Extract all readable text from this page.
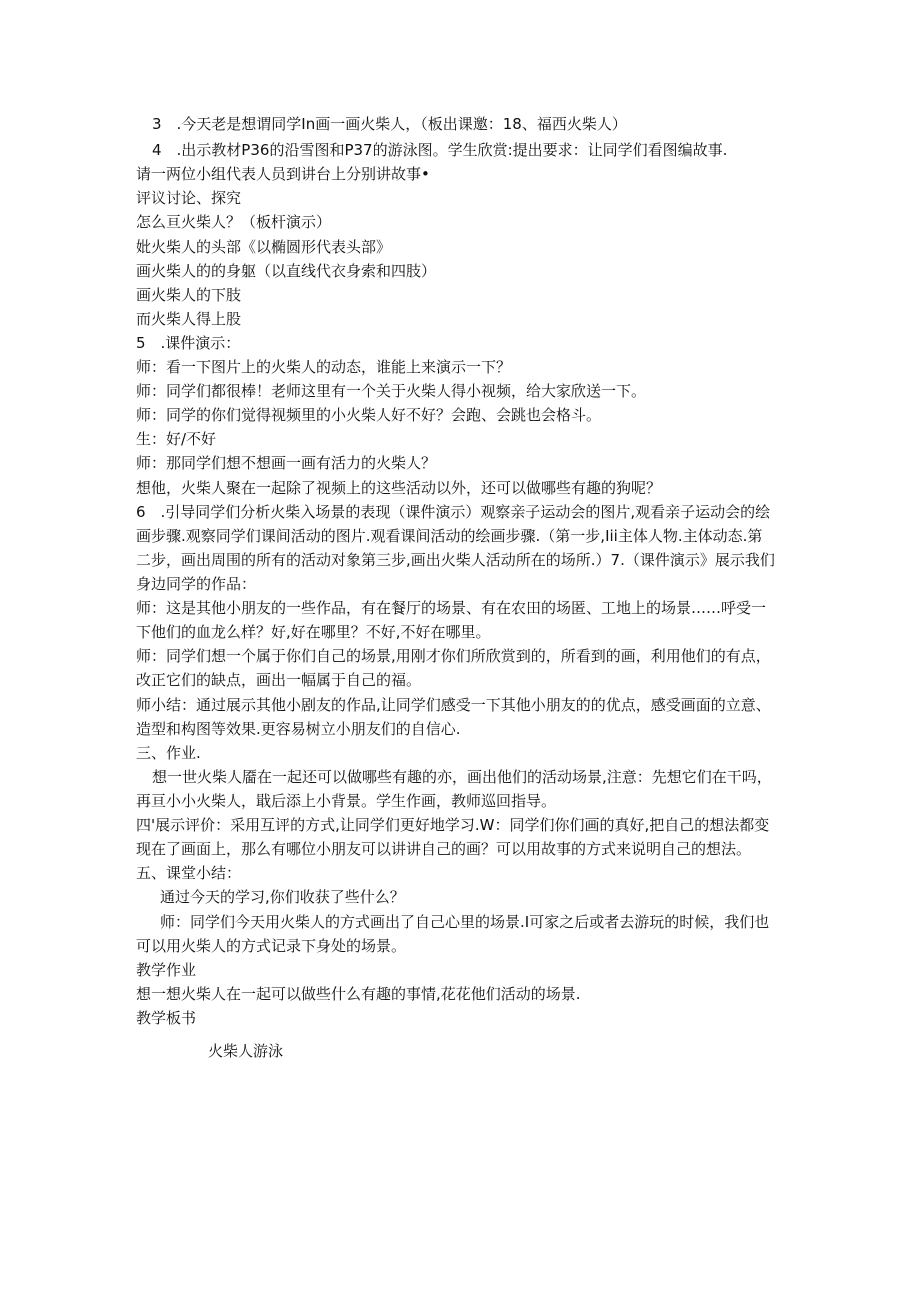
3　.今天老是想谓同学In画一画火柴人，（板出课邀：18、福西火柴人）
4　.出示教材P36的沿雪图和P37的游泳图。学生欣赏:提出要求：让同学们看图编故事.
请一两位小组代表人员到讲台上分别讲故事•
评议讨论、探究
怎么亘火柴人？（板杆演示）
妣火柴人的头部《以椭圆形代表头部》
画火柴人的的身躯（以直线代衣身索和四肢）
画火柴人的下肢
而火柴人得上股
5　.课件演示：
师：看一下图片上的火柴人的动态，谁能上来演示一下？
师：同学们都很棒！老师这里有一个关于火柴人得小视频，给大家欣送一下。
师：同学的你们觉得视频里的小火柴人好不好？会跑、会跳也会格斗。
生：好/不好
师：那同学们想不想画一画有活力的火柴人？
想他，火柴人聚在一起除了视频上的这些活动以外，还可以做哪些有趣的狗呢？
6　.引导同学们分析火柴入场景的表现（课件演示）观察亲子运动会的图片,观看亲子运动会的绘
画步骤.观察同学们课间活动的图片.观看课间活动的绘画步骤.（第一步,Iii主体人物.主体动态.第
二步，画出周围的所有的活动对象第三步,画出火柴人活动所在的场所.）7.（课件演示》展示我们
身边同学的作品：
师：这是其他小朋友的一些作品，有在餐厅的场景、有在农田的场匿、工地上的场景……呼受一
下他们的血龙么样？好,好在哪里？不好,不好在哪里。
师：同学们想一个属于你们自己的场景,用刚才你们所欣赏到的，所看到的画，利用他们的有点，
改正它们的缺点，画出一幅属于自己的福。
师小结：通过展示其他小剧友的作品,让同学们感受一下其他小朋友的的优点，感受画面的立意、
造型和构图等效果.更容易树立小朋友们的自信心.
三、作业.
想一世火柴人靥在一起还可以做哪些有趣的亦，画出他们的活动场景,注意：先想它们在干吗，
再亘小小火柴人，戢后添上小背景。学生作画，教师巡回指导。
四'展示评价：采用互评的方式,让同学们更好地学习.W：同学们你们画的真好,把自己的想法都变
现在了画面上，那么有哪位小朋友可以讲讲自己的画？可以用故事的方式来说明自己的想法。
五、课堂小结：
通过今天的学习,你们收获了些什么？
师：同学们今天用火柴人的方式画出了自己心里的场景.I可家之后或者去游玩的时候，我们也
可以用火柴人的方式记录下身处的场景。
教学作业
想一想火柴人在一起可以做些什么有趣的事情,花花他们活动的场景.
教学板书
火柴人游泳
